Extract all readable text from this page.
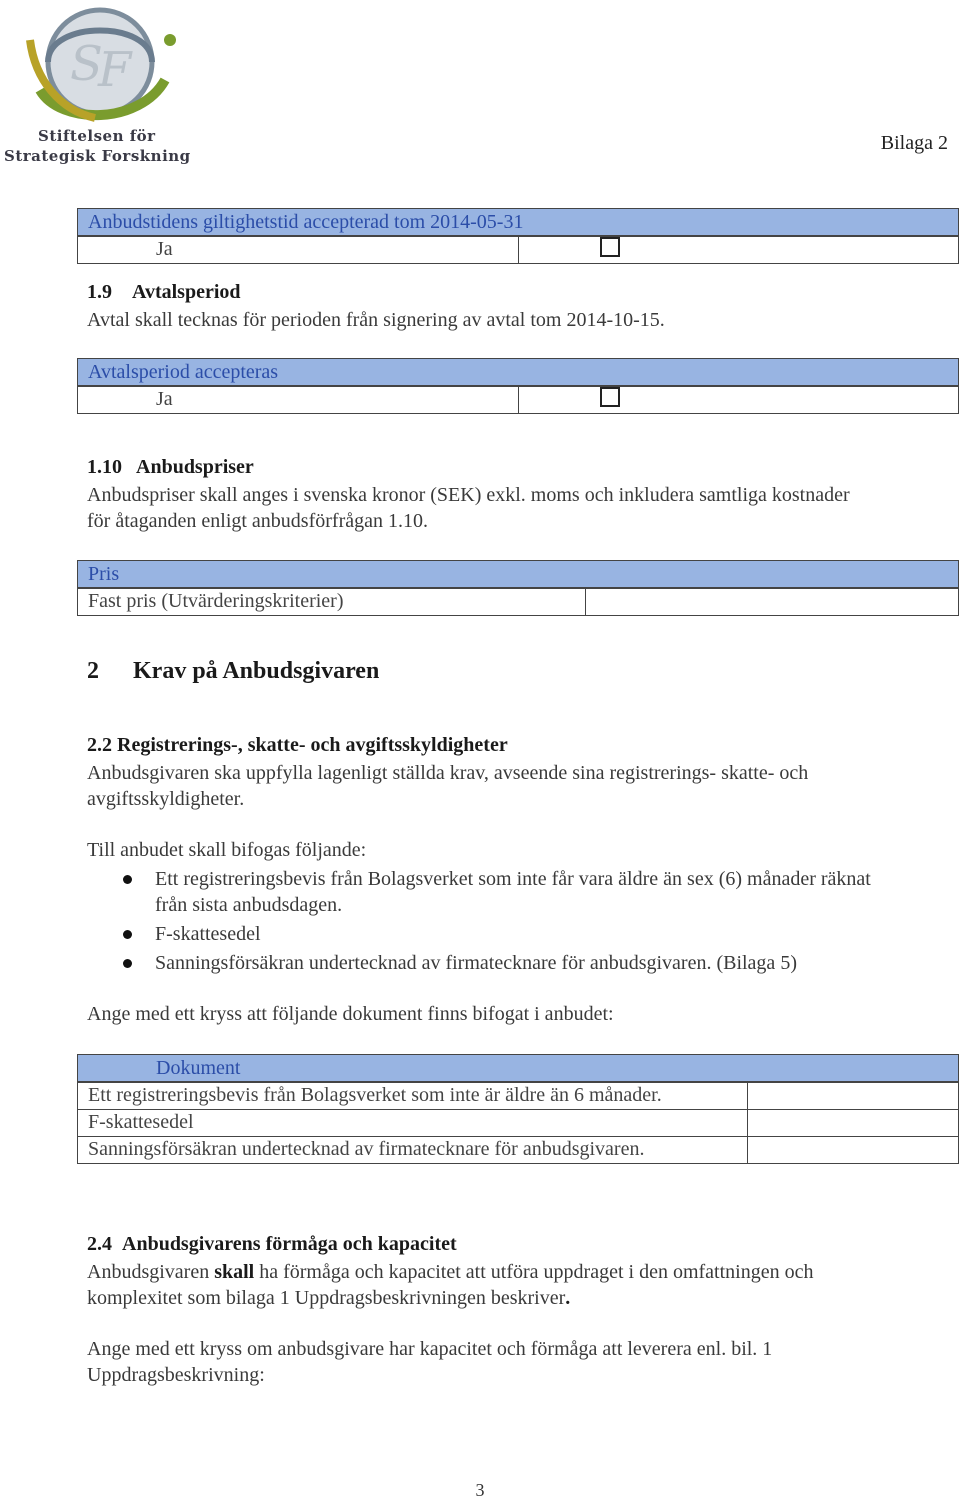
S
F
Stiftelsen för
Strategisk Forskning
Bilaga 2
Anbudstidens giltighetstid accepterad tom 2014-05-31
Ja
1.9 Avtalsperiod
Avtal skall tecknas för perioden från signering av avtal tom 2014-10-15.
Avtalsperiod accepteras
Ja
1.10 Anbudspriser
Anbudspriser skall anges i svenska kronor (SEK) exkl. moms och inkludera samtliga kostnader
för åtaganden enligt anbudsförfrågan 1.10.
Pris
Fast pris (Utvärderingskriterier)
2 Krav på Anbudsgivaren
2.2 Registrerings-, skatte- och avgiftsskyldigheter
Anbudsgivaren ska uppfylla lagenligt ställda krav, avseende sina registrerings- skatte- och
avgiftsskyldigheter.
Till anbudet skall bifogas följande:
Ett registreringsbevis från Bolagsverket som inte får vara äldre än sex (6) månader räknat
från sista anbudsdagen.
F-skattesedel
Sanningsförsäkran undertecknad av firmatecknare för anbudsgivaren. (Bilaga 5)
Ange med ett kryss att följande dokument finns bifogat i anbudet:
Dokument
Ett registreringsbevis från Bolagsverket som inte är äldre än 6 månader.
F-skattesedel
Sanningsförsäkran undertecknad av firmatecknare för anbudsgivaren.
2.4 Anbudsgivarens förmåga och kapacitet
Anbudsgivaren skall ha förmåga och kapacitet att utföra uppdraget i den omfattningen och
komplexitet som bilaga 1 Uppdragsbeskrivningen beskriver.
Ange med ett kryss om anbudsgivare har kapacitet och förmåga att leverera enl. bil. 1
Uppdragsbeskrivning:
3
